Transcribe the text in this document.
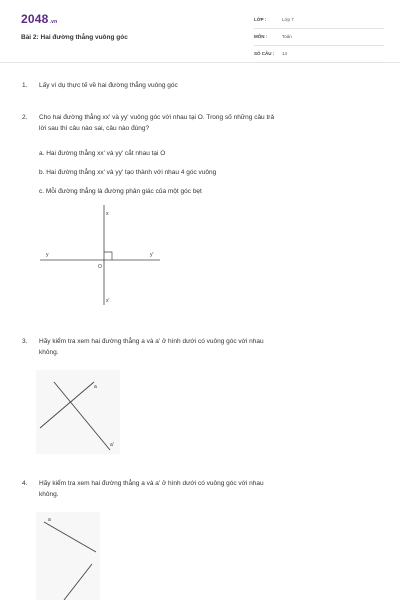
2048.vn
Bài 2: Hai đường thẳng vuông góc
LỚP :	Lớp 7
MÔN :	Toán
SỐ CÂU : 14
1. Lấy ví dụ thực tế về hai đường thẳng vuông góc
2. Cho hai đường thẳng xx' và yy' vuông góc với nhau tại O. Trong số những câu trả
lời sau thì câu nào sai, câu nào đúng?
a. Hai đường thẳng xx' và yy' cắt nhau tại O
b. Hai đường thẳng xx' và yy' tạo thành với nhau 4 góc vuông
c. Mỗi đường thẳng là đường phân giác của một góc bẹt
x
x'
y	y'
O
3. Hãy kiểm tra xem hai đường thẳng a và a' ở hình dưới có vuông góc với nhau
không.
a
a'
4. Hãy kiểm tra xem hai đường thẳng a và a' ở hình dưới có vuông góc với nhau
không.
a
